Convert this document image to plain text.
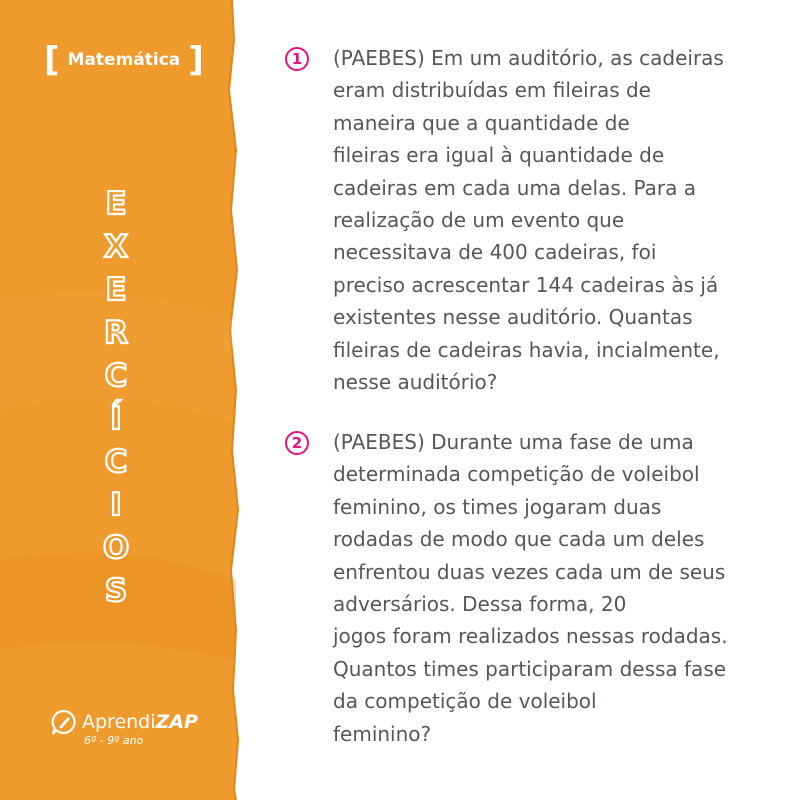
[ Matemática ]
E
X
E
R
C
Í
C
I
O
S
AprendiZAP
6º - 9º ano
1	(PAEBES) Em um auditório, as cadeiras
eram distribuídas em fileiras de
maneira que a quantidade de
fileiras era igual à quantidade de
cadeiras em cada uma delas. Para a
realização de um evento que
necessitava de 400 cadeiras, foi
preciso acrescentar 144 cadeiras às já
existentes nesse auditório. Quantas
fileiras de cadeiras havia, incialmente,
nesse auditório?
2	(PAEBES) Durante uma fase de uma
determinada competição de voleibol
feminino, os times jogaram duas
rodadas de modo que cada um deles
enfrentou duas vezes cada um de seus
adversários. Dessa forma, 20
jogos foram realizados nessas rodadas.
Quantos times participaram dessa fase
da competição de voleibol
feminino?
